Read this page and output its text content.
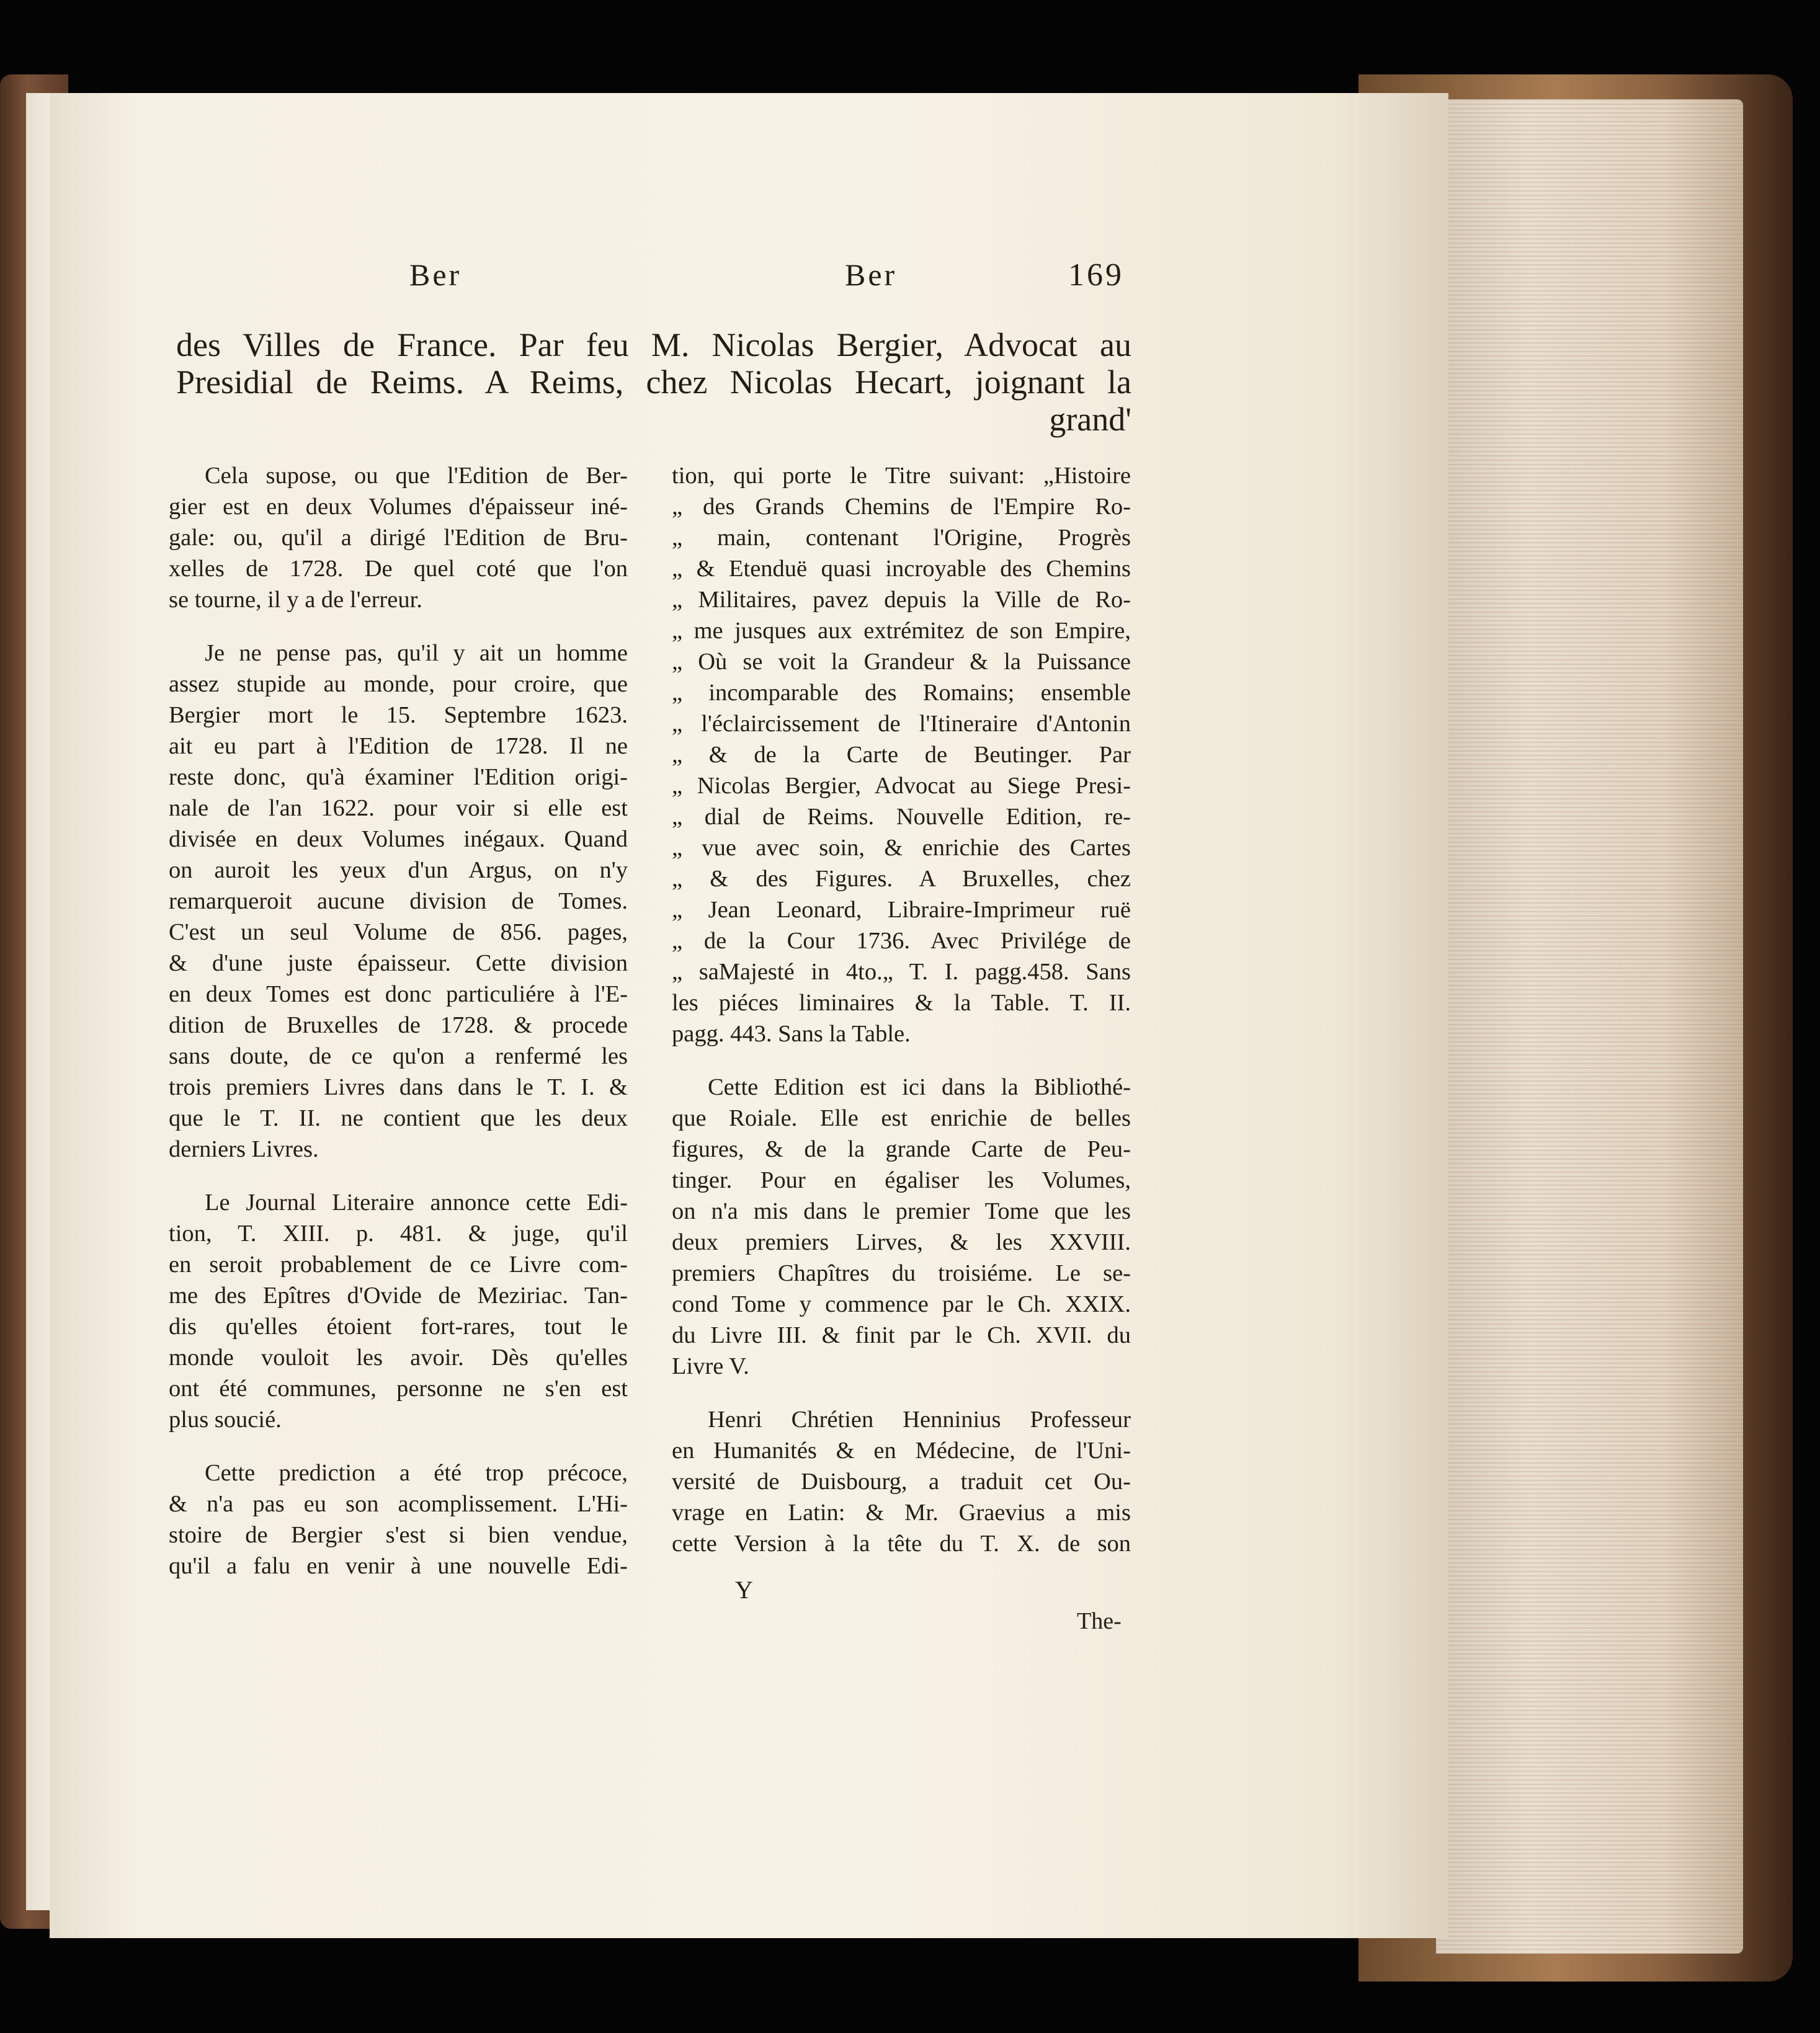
Ber	Ber	169
des Villes de France. Par feu M. Nicolas Bergier, Advocat au
Presidial de Reims. A Reims, chez Nicolas Hecart, joignant la
grand'
Cela supose, ou que l'Edition de Ber-
gier est en deux Volumes d'épaisseur iné-
gale: ou, qu'il a dirigé l'Edition de Bru-
xelles de 1728. De quel coté que l'on
se tourne, il y a de l'erreur.
Je ne pense pas, qu'il y ait un homme
assez stupide au monde, pour croire, que
Bergier mort le 15. Septembre 1623.
ait eu part à l'Edition de 1728. Il ne
reste donc, qu'à éxaminer l'Edition origi-
nale de l'an 1622. pour voir si elle est
divisée en deux Volumes inégaux. Quand
on auroit les yeux d'un Argus, on n'y
remarqueroit aucune division de Tomes.
C'est un seul Volume de 856. pages,
& d'une juste épaisseur. Cette division
en deux Tomes est donc particuliére à l'E-
dition de Bruxelles de 1728. & procede
sans doute, de ce qu'on a renfermé les
trois premiers Livres dans dans le T. I. &
que le T. II. ne contient que les deux
derniers Livres.
Le Journal Literaire annonce cette Edi-
tion, T. XIII. p. 481. & juge, qu'il
en seroit probablement de ce Livre com-
me des Epîtres d'Ovide de Meziriac. Tan-
dis qu'elles étoient fort-rares, tout le
monde vouloit les avoir. Dès qu'elles
ont été communes, personne ne s'en est
plus soucié.
Cette prediction a été trop précoce,
& n'a pas eu son acomplissement. L'Hi-
stoire de Bergier s'est si bien vendue,
qu'il a falu en venir à une nouvelle Edi-
tion, qui porte le Titre suivant: „Histoire
„ des Grands Chemins de l'Empire Ro-
„ main, contenant l'Origine, Progrès
„ & Etenduë quasi incroyable des Chemins
„ Militaires, pavez depuis la Ville de Ro-
„ me jusques aux extrémitez de son Empire,
„ Où se voit la Grandeur & la Puissance
„ incomparable des Romains; ensemble
„ l'éclaircissement de l'Itineraire d'Antonin
„ & de la Carte de Beutinger. Par
„ Nicolas Bergier, Advocat au Siege Presi-
„ dial de Reims. Nouvelle Edition, re-
„ vue avec soin, & enrichie des Cartes
„ & des Figures. A Bruxelles, chez
„ Jean Leonard, Libraire-Imprimeur ruë
„ de la Cour 1736. Avec Privilége de
„ saMajesté in 4to.„ T. I. pagg.458. Sans
les piéces liminaires & la Table. T. II.
pagg. 443. Sans la Table.
Cette Edition est ici dans la Bibliothé-
que Roiale. Elle est enrichie de belles
figures, & de la grande Carte de Peu-
tinger. Pour en égaliser les Volumes,
on n'a mis dans le premier Tome que les
deux premiers Lirves, & les XXVIII.
premiers Chapîtres du troisiéme. Le se-
cond Tome y commence par le Ch. XXIX.
du Livre III. & finit par le Ch. XVII. du
Livre V.
Henri Chrétien Henninius Professeur
en Humanités & en Médecine, de l'Uni-
versité de Duisbourg, a traduit cet Ou-
vrage en Latin: & Mr. Graevius a mis
cette Version à la tête du T. X. de son
Y
The-
